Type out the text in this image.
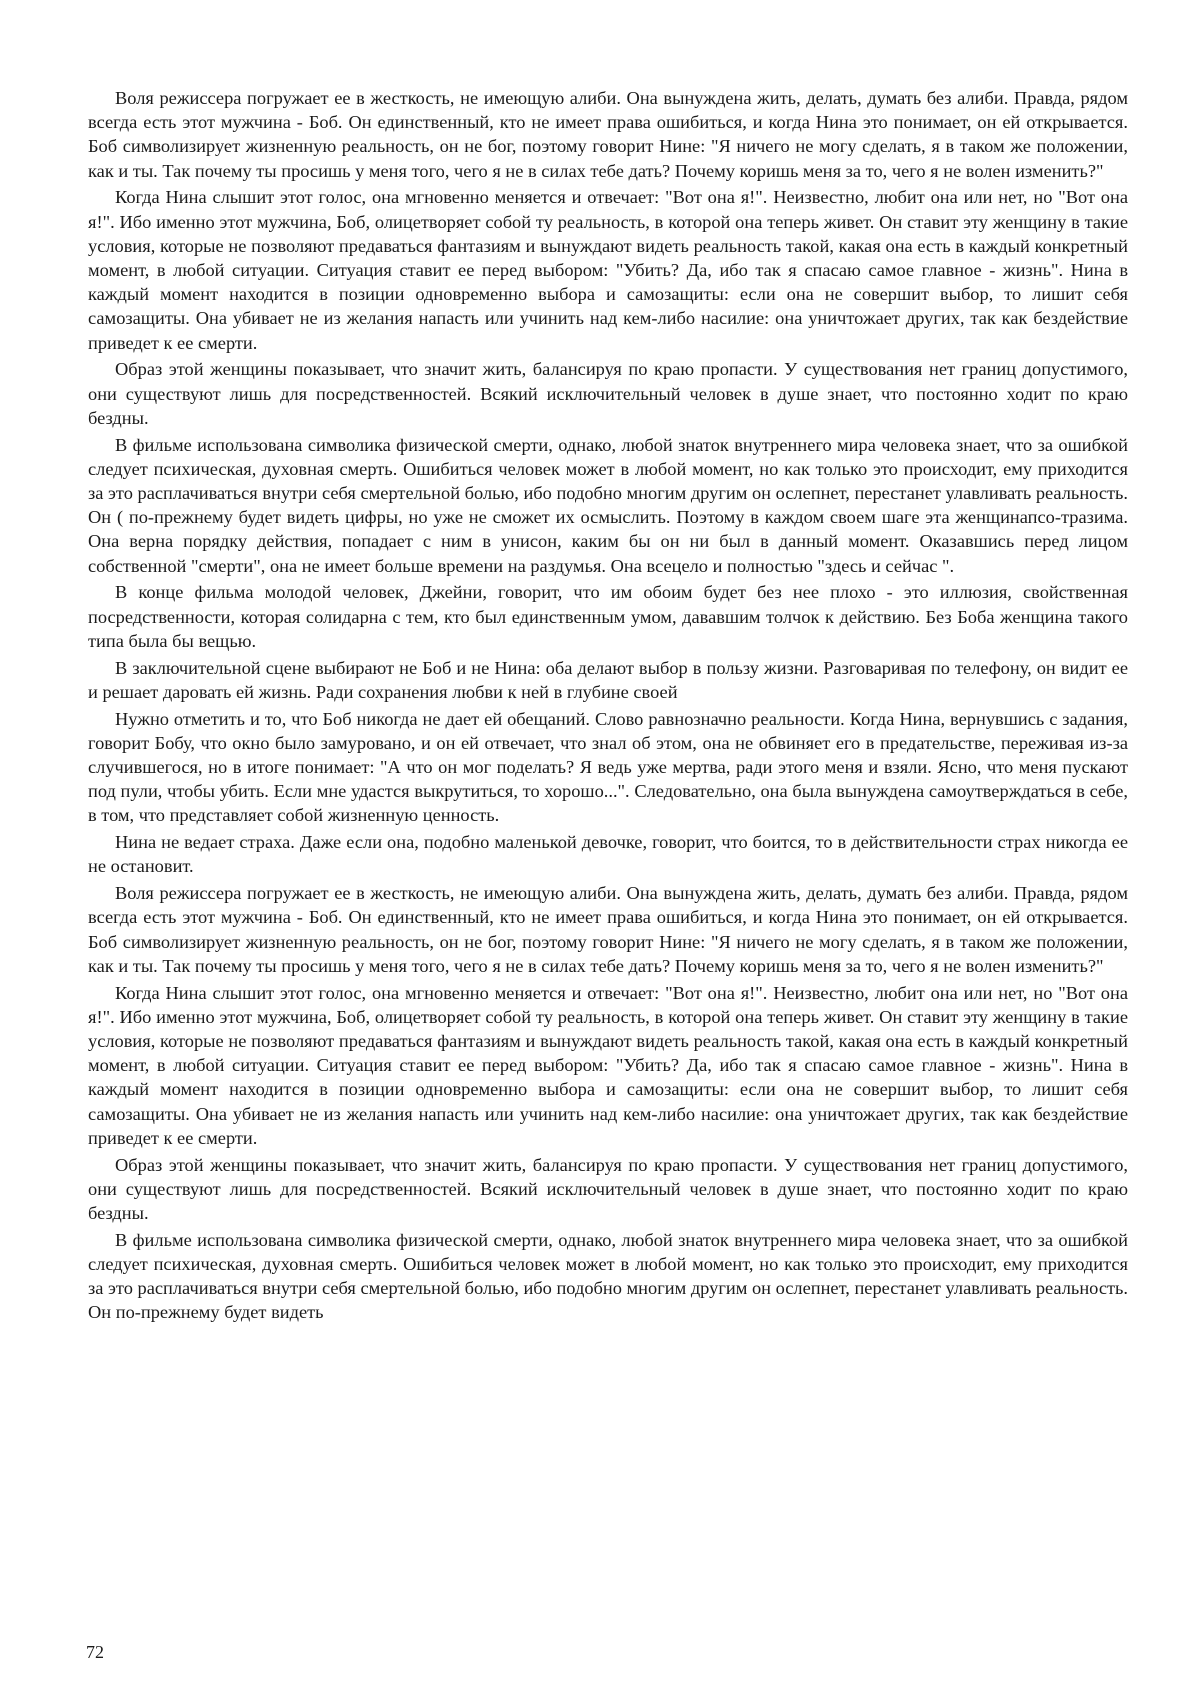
Воля режиссера погружает ее в жесткость, не имеющую алиби. Она вынуждена жить, делать, думать без алиби. Правда, рядом всегда есть этот мужчина - Боб. Он единственный, кто не имеет права ошибиться, и когда Нина это понимает, он ей открывается. Боб символизирует жизненную реальность, он не бог, поэтому говорит Нине: "Я ничего не могу сделать, я в таком же положении, как и ты. Так почему ты просишь у меня того, чего я не в силах тебе дать? Почему коришь меня за то, чего я не волен изменить?"

Когда Нина слышит этот голос, она мгновенно меняется и отвечает: "Вот она я!". Неизвестно, любит она или нет, но "Вот она я!". Ибо именно этот мужчина, Боб, олицетворяет собой ту реальность, в которой она теперь живет. Он ставит эту женщину в такие условия, которые не позволяют предаваться фантазиям и вынуждают видеть реальность такой, какая она есть в каждый конкретный момент, в любой ситуации. Ситуация ставит ее перед выбором: "Убить? Да, ибо так я спасаю самое главное - жизнь". Нина в каждый момент находится в позиции одновременно выбора и самозащиты: если она не совершит выбор, то лишит себя самозащиты. Она убивает не из желания напасть или учинить над кем-либо насилие: она уничтожает других, так как бездействие приведет к ее смерти.

Образ этой женщины показывает, что значит жить, балансируя по краю пропасти. У существования нет границ допустимого, они существуют лишь для посредственностей. Всякий исключительный человек в душе знает, что постоянно ходит по краю бездны.

В фильме использована символика физической смерти, однако, любой знаток внутреннего мира человека знает, что за ошибкой следует психическая, духовная смерть. Ошибиться человек может в любой момент, но как только это происходит, ему приходится за это расплачиваться внутри себя смертельной болью, ибо подобно многим другим он ослепнет, перестанет улавливать реальность. Он ( по-прежнему будет видеть цифры, но уже не сможет их осмыслить. Поэтому в каждом своем шаге эта женщинапсо-тразима. Она верна порядку действия, попадает с ним в унисон, каким бы он ни был в данный момент. Оказавшись перед лицом собственной "смерти", она не имеет больше времени на раздумья. Она всецело и полностью "здесь и сейчас ".

В конце фильма молодой человек, Джейни, говорит, что им обоим будет без нее плохо - это иллюзия, свойственная посредственности, которая солидарна с тем, кто был единственным умом, дававшим толчок к действию. Без Боба женщина такого типа была бы вещью.

В заключительной сцене выбирают не Боб и не Нина: оба делают выбор в пользу жизни. Разговаривая по телефону, он видит ее и решает даровать ей жизнь. Ради сохранения любви к ней в глубине своей

Нужно отметить и то, что Боб никогда не дает ей обещаний. Слово равнозначно реальности. Когда Нина, вернувшись с задания, говорит Бобу, что окно было замуровано, и он ей отвечает, что знал об этом, она не обвиняет его в предательстве, переживая из-за случившегося, но в итоге понимает: "А что он мог поделать? Я ведь уже мертва, ради этого меня и взяли. Ясно, что меня пускают под пули, чтобы убить. Если мне удастся выкрутиться, то хорошо...". Следовательно, она была вынуждена самоутверждаться в себе, в том, что представляет собой жизненную ценность.

Нина не ведает страха. Даже если она, подобно маленькой девочке, говорит, что боится, то в действительности страх никогда ее не остановит.

Воля режиссера погружает ее в жесткость, не имеющую алиби. Она вынуждена жить, делать, думать без алиби. Правда, рядом всегда есть этот мужчина - Боб. Он единственный, кто не имеет права ошибиться, и когда Нина это понимает, он ей открывается. Боб символизирует жизненную реальность, он не бог, поэтому говорит Нине: "Я ничего не могу сделать, я в таком же положении, как и ты. Так почему ты просишь у меня того, чего я не в силах тебе дать? Почему коришь меня за то, чего я не волен изменить?"

Когда Нина слышит этот голос, она мгновенно меняется и отвечает: "Вот она я!". Неизвестно, любит она или нет, но "Вот она я!". Ибо именно этот мужчина, Боб, олицетворяет собой ту реальность, в которой она теперь живет. Он ставит эту женщину в такие условия, которые не позволяют предаваться фантазиям и вынуждают видеть реальность такой, какая она есть в каждый конкретный момент, в любой ситуации. Ситуация ставит ее перед выбором: "Убить? Да, ибо так я спасаю самое главное - жизнь". Нина в каждый момент находится в позиции одновременно выбора и самозащиты: если она не совершит выбор, то лишит себя самозащиты. Она убивает не из желания напасть или учинить над кем-либо насилие: она уничтожает других, так как бездействие приведет к ее смерти.

Образ этой женщины показывает, что значит жить, балансируя по краю пропасти. У существования нет границ допустимого, они существуют лишь для посредственностей. Всякий исключительный человек в душе знает, что постоянно ходит по краю бездны.

В фильме использована символика физической смерти, однако, любой знаток внутреннего мира человека знает, что за ошибкой следует психическая, духовная смерть. Ошибиться человек может в любой момент, но как только это происходит, ему приходится за это расплачиваться внутри себя смертельной болью, ибо подобно многим другим он ослепнет, перестанет улавливать реальность. Он по-прежнему будет видеть

72
